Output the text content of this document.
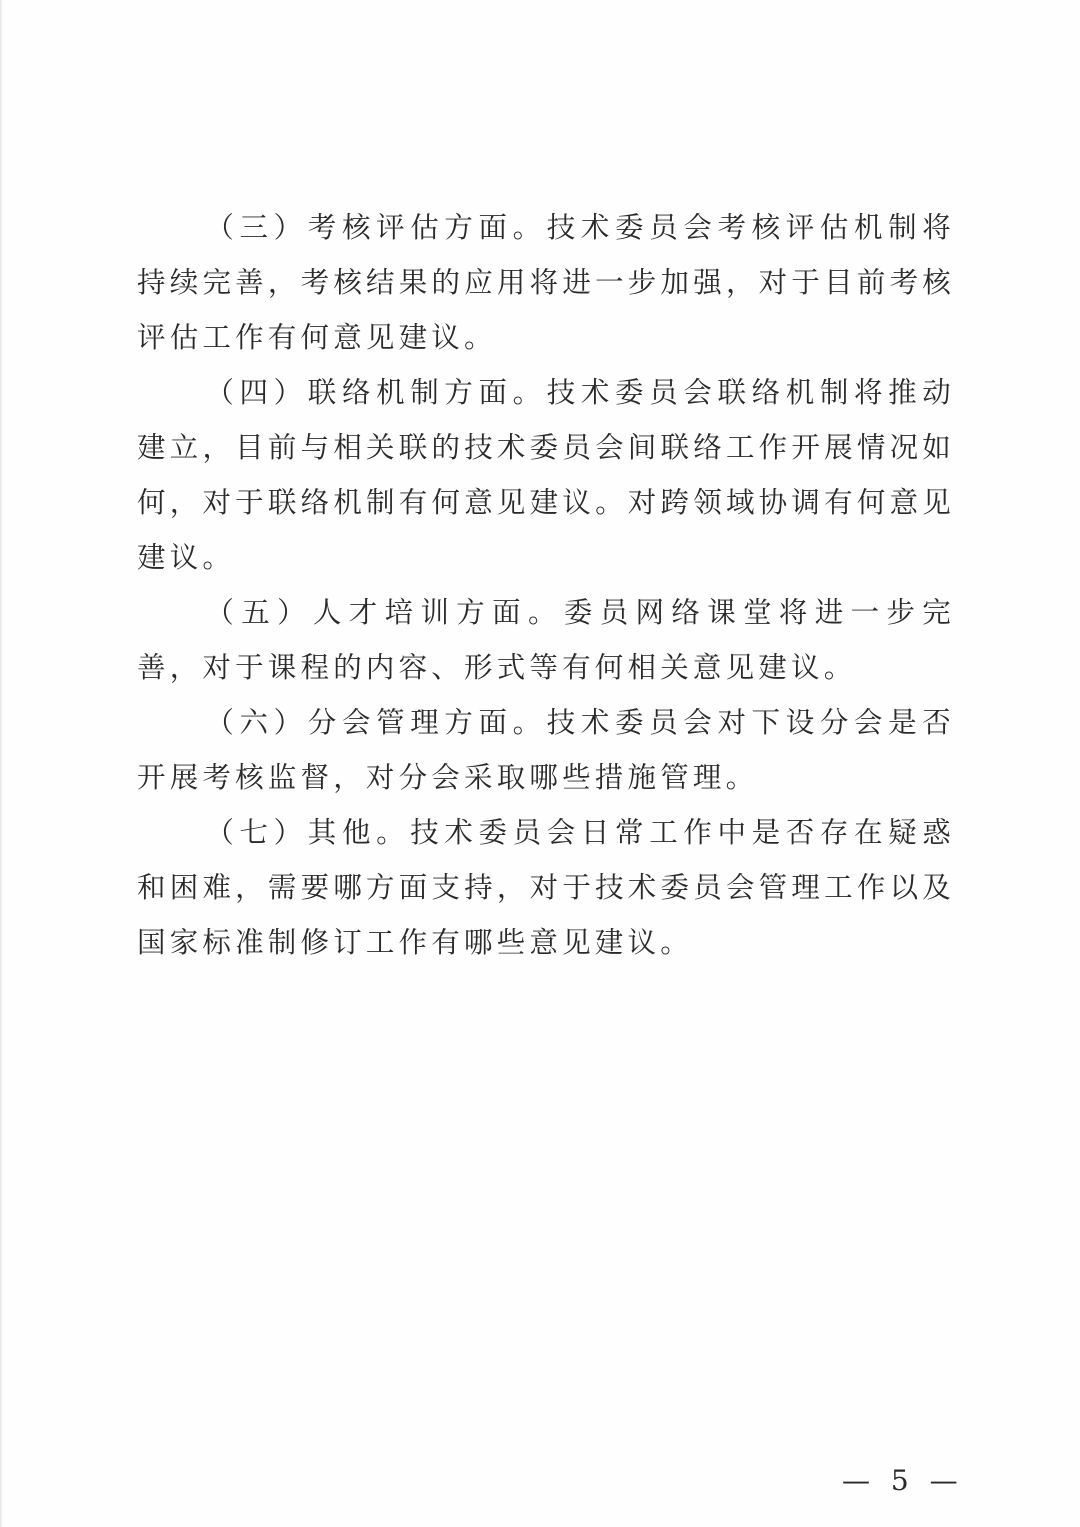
（三）考核评估方面。技术委员会考核评估机制将持续完善，考核结果的应用将进一步加强，对于目前考核评估工作有何意见建议。

（四）联络机制方面。技术委员会联络机制将推动建立，目前与相关联的技术委员会间联络工作开展情况如何，对于联络机制有何意见建议。对跨领域协调有何意见建议。

（五）人才培训方面。委员网络课堂将进一步完善，对于课程的内容、形式等有何相关意见建议。

（六）分会管理方面。技术委员会对下设分会是否开展考核监督，对分会采取哪些措施管理。

（七）其他。技术委员会日常工作中是否存在疑惑和困难，需要哪方面支持，对于技术委员会管理工作以及国家标准制修订工作有哪些意见建议。

— 5 —
